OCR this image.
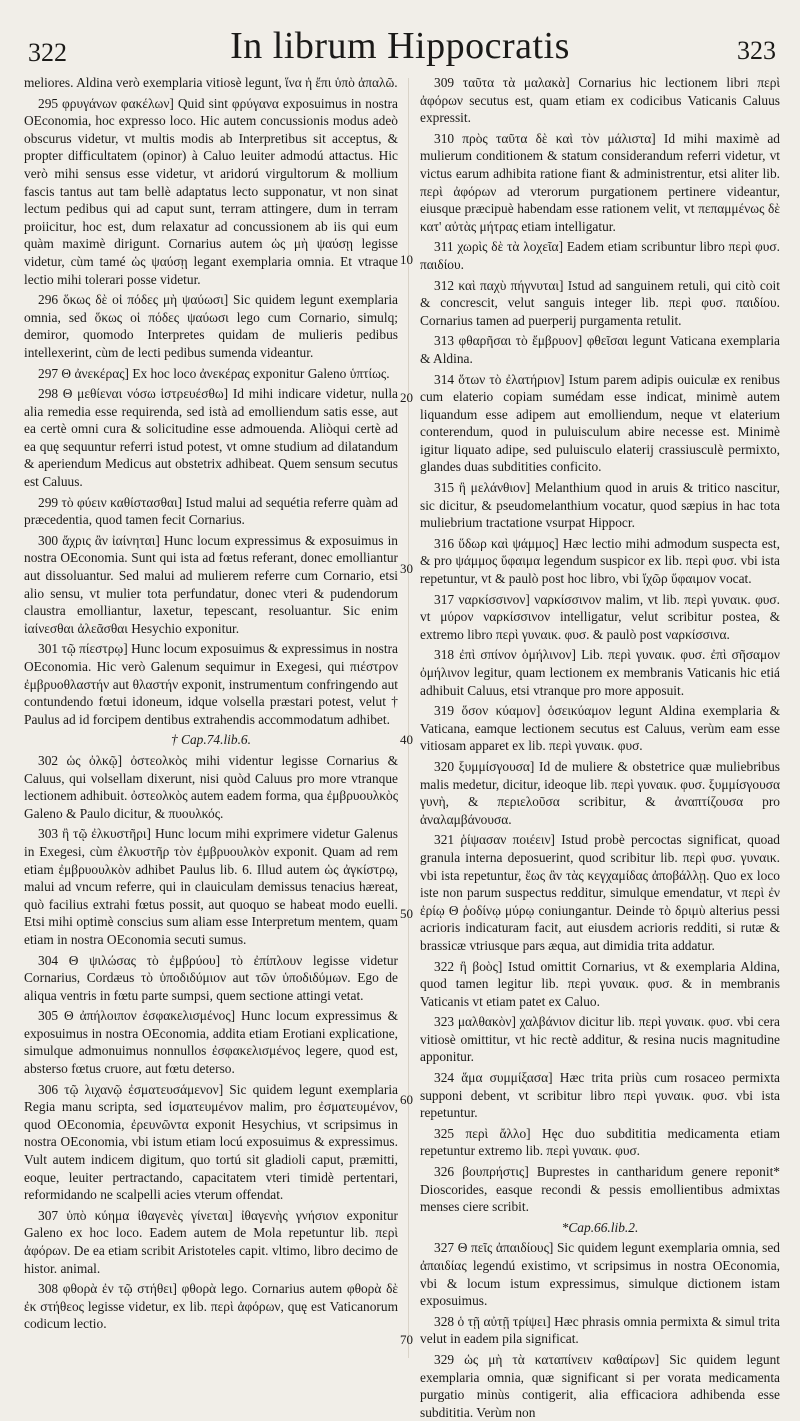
322	In librum Hippocratis	323

meliores. Aldina verò exemplaria vitiosè legunt, ἵνα ἡ ἔπι ὑπὸ ἀπαλῶ.

295 φρυγάνων φακέλων] Quid sint φρύγανα exposuimus in nostra OEconomia, hoc expresso loco. Hic autem concussionis modus adeò obscurus videtur, vt multis modis ab Interpretibus sit acceptus, & propter difficultatem (opinor) à Caluo leuiter admodú attactus. Hic verò mihi sensus esse videtur, vt aridorú virgultorum & mollium fascis tantus aut tam bellè adaptatus lecto supponatur, vt non sinat lectum pedibus qui ad caput sunt, terram attingere, dum in terram proiicitur, hoc est, dum relaxatur ad concussionem ab iis qui eum quàm maximè dirigunt. Cornarius autem ὡς μὴ ψαύσῃ legisse videtur, cùm tamé ὡς ψαύσῃ legant exemplaria omnia. Et vtraque lectio mihi tolerari posse videtur.

296 ὅκως δὲ οἱ πόδες μὴ ψαύωσι] Sic quidem legunt exemplaria omnia, sed ὅκως οἱ πόδες ψαύωσι lego cum Cornario, simulq; demiror, quomodo Interpretes quidam de mulieris pedibus intellexerint, cùm de lecti pedibus sumenda videantur.

297 Θ ἀνεκέρας] Ex hoc loco ἀνεκέρας exponitur Galeno ὑπτίως.

298 Θ μεθίεναι νόσω ἱστρευέσθω] Id mihi indicare videtur, nulla alia remedia esse requirenda, sed istà ad emolliendum satis esse, aut ea certè omni cura & solicitudine esse admouenda. Aliòqui certè ad ea quę sequuntur referri istud potest, vt omne studium ad dilatandum & aperiendum Medicus aut obstetrix adhibeat. Quem sensum secutus est Caluus.

299 τὸ φύειν καθίστασθαι] Istud malui ad sequétia referre quàm ad præcedentia, quod tamen fecit Cornarius.

300 ἄχρις ἂν ἰαίνηται] Hunc locum expressimus & exposuimus in nostra OEconomia. Sunt qui ista ad fœtus referant, donec emolliantur aut dissoluantur. Sed malui ad mulierem referre cum Cornario, etsi alio sensu, vt mulier tota perfundatur, donec vteri & pudendorum claustra emolliantur, laxetur, tepescant, resoluantur. Sic enim ἰαίνεσθαι ἀλεᾶσθαι Hesychio exponitur.

301 τῷ πίεστρῳ] Hunc locum exposuimus & expressimus in nostra OEconomia. Hic verò Galenum sequimur in Exegesi, qui πιέστρον ἐμβρυοθλαστήν aut θλαστήν exponit, instrumentum confringendo aut contundendo fœtui idoneum, idque volsella præstari potest, velut † Paulus ad id forcipem dentibus extrahendis accommodatum adhibet.

† Cap.74.lib.6.

302 ὡς ὀλκῷ] ὀστεολκὸς mihi videntur legisse Cornarius & Caluus, qui volsellam dixerunt, nisi quòd Caluus pro more vtranque lectionem adhibuit. ὀστεολκὸς autem eadem forma, qua ἐμβρυουλκὸς Galeno & Paulo dicitur, & πυουλκός.

303 ἢ τῷ ἐλκυστῆρι] Hunc locum mihi exprimere videtur Galenus in Exegesi, cùm ἐλκυστῆρ τὸν ἐμβρυουλκὸν exponit. Quam ad rem etiam ἐμβρυουλκὸν adhibet Paulus lib. 6. Illud autem ὡς ἀγκίστρῳ, malui ad vncum referre, qui in clauiculam demissus tenacius hæreat, quò facilius extrahi fœtus possit, aut quoquo se habeat modo euelli. Etsi mihi optimè conscius sum aliam esse Interpretum mentem, quam etiam in nostra OEconomia secuti sumus.

304 Θ ψιλώσας τὸ ἐμβρύου] τὸ ἐπίπλουν legisse videtur Cornarius, Cordæus τὸ ὑποδιδύμιον aut τῶν ὑποδιδύμων. Ego de aliqua ventris in fœtu parte sumpsi, quem sectione attingi vetat.

305 Θ ἀπήλοιπον ἐσφακελισμένος] Hunc locum expressimus & exposuimus in nostra OEconomia, addita etiam Erotiani explicatione, simulque admonuimus nonnullos ἐσφακελισμένος legere, quod est, absterso fœtus cruore, aut fœtu deterso.

306 τῷ λιχανῷ ἐσματευσάμενον] Sic quidem legunt exemplaria Regia manu scripta, sed ἰσματευμένον malim, pro ἐσματευμένον, quod OEconomia, ἐρευνῶντα exponit Hesychius, vt scripsimus in nostra OEconomia, vbi istum etiam locú exposuimus & expressimus. Vult autem indicem digitum, quo tortú sit gladioli caput, præmitti, eoque, leuiter pertractando, capacitatem vteri timidè pertentari, reformidando ne scalpelli acies vterum offendat.

307 ὑπὸ κύημα ἰθαγενὲς γίνεται] ἰθαγενὴς γνήσιον exponitur Galeno ex hoc loco. Eadem autem de Mola repetuntur lib. περὶ ἀφόρων. De ea etiam scribit Aristoteles capit. vltimo, libro decimo de histor. animal.

308 φθορὰ ἐν τῷ στήθει] φθορὰ lego. Cornarius autem φθορὰ δὲ ἐκ στήθεος legisse videtur, ex lib. περὶ ἀφόρων, quę est Vaticanorum codicum lectio.

309 ταῦτα τὰ μαλακὰ] Cornarius hic lectionem libri περὶ ἀφόρων secutus est, quam etiam ex codicibus Vaticanis Caluus expressit.

310 πρὸς ταῦτα δὲ καὶ τὸν μάλιστα] Id mihi maximè ad mulierum conditionem & statum considerandum referri videtur, vt victus earum adhibita ratione fiant & administrentur, etsi aliter lib. περὶ ἀφόρων ad vterorum purgationem pertinere videantur, eiusque præcipuè habendam esse rationem velit, vt πεπαμμένως δὲ κατ' αὐτὰς μήτρας etiam intelligatur.

311 χωρὶς δὲ τὰ λοχεῖα] Eadem etiam scribuntur libro περὶ φυσ. παιδίου.

312 καὶ παχὺ πήγνυται] Istud ad sanguinem retuli, qui citò coit & concrescit, velut sanguis integer lib. περὶ φυσ. παιδίου. Cornarius tamen ad puerperij purgamenta retulit.

313 φθαρῆσαι τὸ ἔμβρυον] φθεῖσαι legunt Vaticana exemplaria & Aldina.

314 ὅτων τὸ ἐλατήριον] Istum parem adipis ouiculæ ex renibus cum elaterio copiam sumédam esse indicat, minimè autem liquandum esse adipem aut emolliendum, neque vt elaterium conterendum, quod in puluisculum abire necesse est. Minimè igitur liquato adipe, sed puluisculo elaterij crassiusculè permixto, glandes duas subditities conficito.

315 ἢ μελάνθιον] Melanthium quod in aruis & tritico nascitur, sic dicitur, & pseudomelanthium vocatur, quod sæpius in hac tota muliebrium tractatione vsurpat Hippocr.

316 ὕδωρ καὶ ψάμμος] Hæc lectio mihi admodum suspecta est, & pro ψάμμος ὕφαιμα legendum suspicor ex lib. περὶ φυσ. vbi ista repetuntur, vt & paulò post hoc libro, vbi ἴχῶρ ὕφαιμον vocat.

317 ναρκίσσινον] ναρκίσσινον malim, vt lib. περὶ γυναικ. φυσ. vt μύρον ναρκίσσινον intelligatur, velut scribitur postea, & extremo libro περὶ γυναικ. φυσ. & paulò post ναρκίσσινα.

318 ἐπὶ σπίνον ὀμήλινον] Lib. περὶ γυναικ. φυσ. ἐπὶ σῆσαμον ὀμήλινον legitur, quam lectionem ex membranis Vaticanis hic etiá adhibuit Caluus, etsi vtranque pro more apposuit.

319 ὅσον κύαμον] ὁσεικύαμον legunt Aldina exemplaria & Vaticana, eamque lectionem secutus est Caluus, verùm eam esse vitiosam apparet ex lib. περὶ γυναικ. φυσ.

320 ξυμμίσγουσα] Id de muliere & obstetrice quæ muliebribus malis medetur, dicitur, ideoque lib. περὶ γυναικ. φυσ. ξυμμίσγουσα γυνὴ, & περιελοῦσα scribitur, & ἀναπτίζουσα pro ἀναλαμβάνουσα.

321 ῥίψασαν ποιέειν] Istud probè percoctas significat, quoad granula interna deposuerint, quod scribitur lib. περὶ φυσ. γυναικ. vbi ista repetuntur, ἕως ἂν τὰς κεγχαμίδας ἀποβάλλῃ. Quo ex loco iste non parum suspectus redditur, simulque emendatur, vt περὶ ἐν ἐρίῳ Θ ῥοδίνῳ μύρῳ coniungantur. Deinde τὸ δριμὺ alterius pessi acrioris indicaturam facit, aut eiusdem acrioris redditi, si rutæ & brassicæ vtriusque pars æqua, aut dimidia trita addatur.

322 ἢ βοὸς] Istud omittit Cornarius, vt & exemplaria Aldina, quod tamen legitur lib. περὶ γυναικ. φυσ. & in membranis Vaticanis vt etiam patet ex Caluo.

323 μαλθακὸν] χαλβάνιον dicitur lib. περὶ γυναικ. φυσ. vbi cera vitiosè omittitur, vt hic rectè additur, & resina nucis magnitudine apponitur.

324 ἅμα συμμίξασα] Hæc trita priùs cum rosaceo permixta supponi debent, vt scribitur libro περὶ γυναικ. φυσ. vbi ista repetuntur.

325 περὶ ἄλλο] Hęc duo subdititia medicamenta etiam repetuntur extremo lib. περὶ γυναικ. φυσ.

326 βουπρήστις] Buprestes in cantharidum genere reponit* Dioscorides, easque recondi & pessis emollientibus admixtas menses ciere scribit.

*Cap.66.lib.2.

327 Θ πεῖς ἀπαιδίους] Sic quidem legunt exemplaria omnia, sed ἀπαιδίας legendú existimo, vt scripsimus in nostra OEconomia, vbi & locum istum expressimus, simulque dictionem istam exposuimus.

328 ὁ τῇ αὐτῇ τρίψει] Hæc phrasis omnia permixta & simul trita velut in eadem pila significat.

329 ὡς μὴ τὰ καταπίνειν καθαίρων] Sic quidem legunt exemplaria omnia, quæ significant si per vorata medicamenta purgatio minùs contigerit, alia efficaciora adhibenda esse subdititia. Verùm non

10
20
30
40
50
60
70
